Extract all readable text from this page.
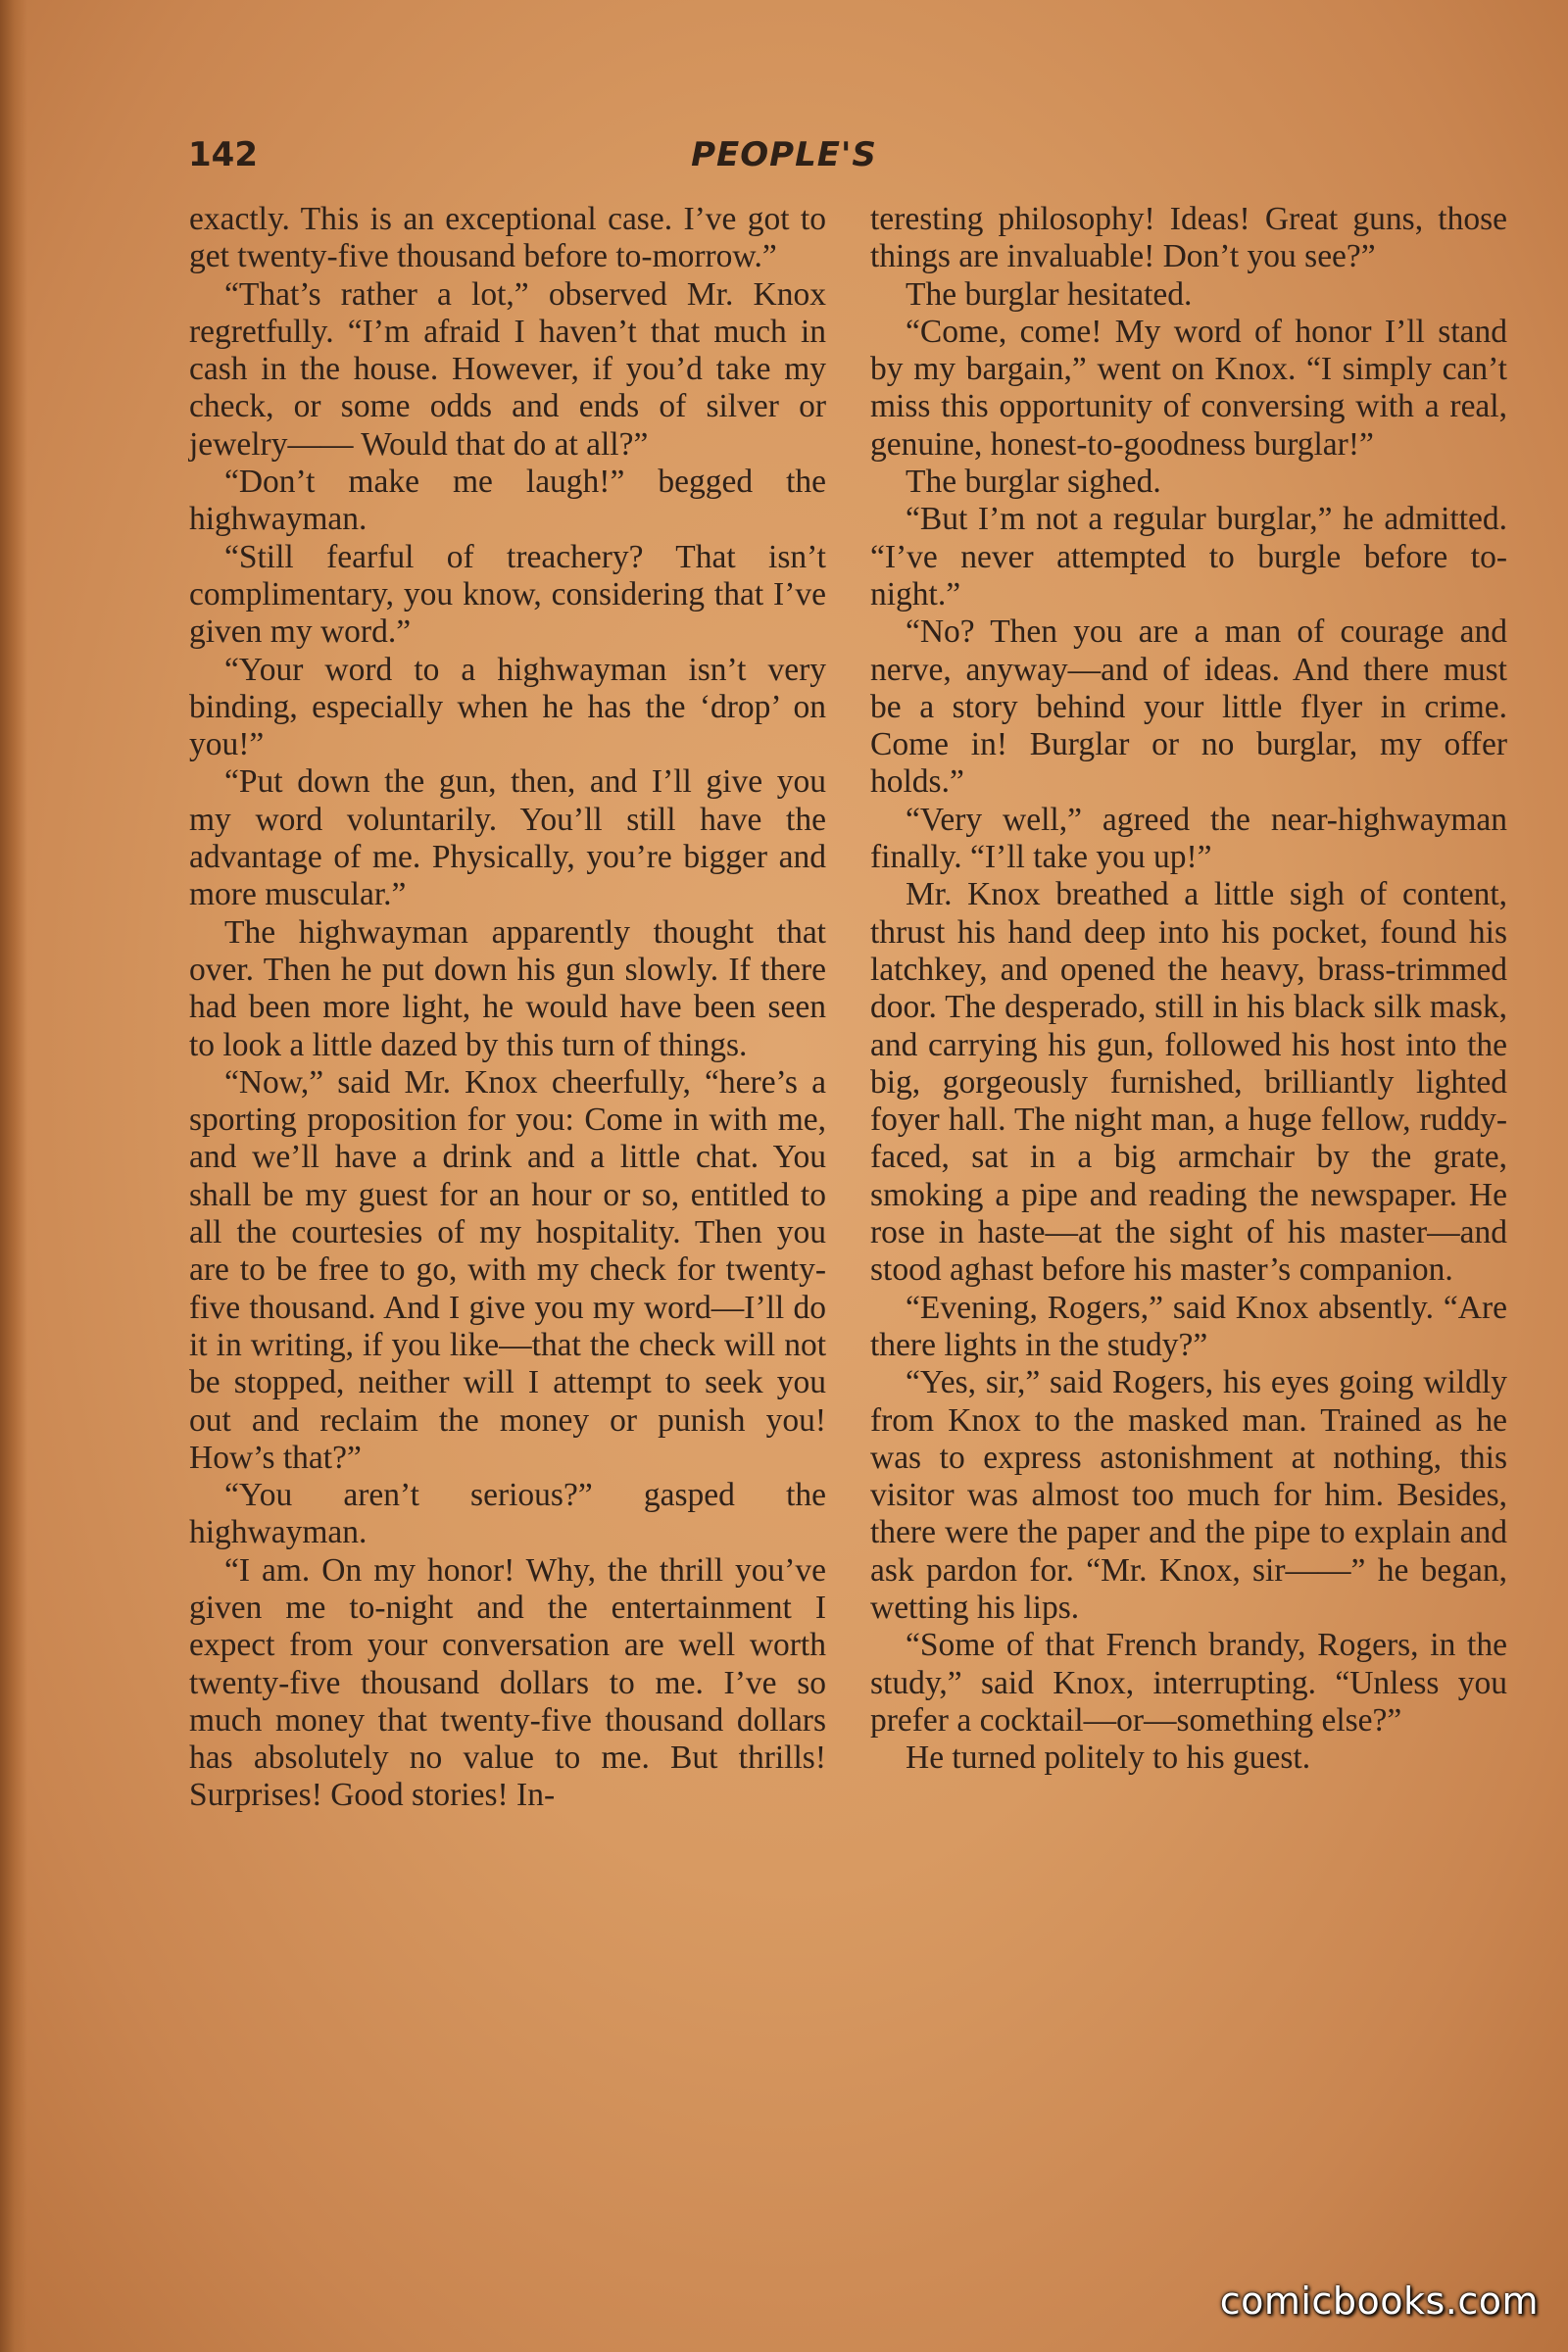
142	PEOPLE'S

exactly. This is an exceptional case. I’ve got to get twenty-five thousand before to-morrow.”

“That’s rather a lot,” observed Mr. Knox regretfully. “I’m afraid I haven’t that much in cash in the house. However, if you’d take my check, or some odds and ends of silver or jewelry—— Would that do at all?”

“Don’t make me laugh!” begged the highwayman.

“Still fearful of treachery? That isn’t complimentary, you know, considering that I’ve given my word.”

“Your word to a highwayman isn’t very binding, especially when he has the ‘drop’ on you!”

“Put down the gun, then, and I’ll give you my word voluntarily. You’ll still have the advantage of me. Physically, you’re bigger and more muscular.”

The highwayman apparently thought that over. Then he put down his gun slowly. If there had been more light, he would have been seen to look a little dazed by this turn of things.

“Now,” said Mr. Knox cheerfully, “here’s a sporting proposition for you: Come in with me, and we’ll have a drink and a little chat. You shall be my guest for an hour or so, entitled to all the courtesies of my hospitality. Then you are to be free to go, with my check for twenty-five thousand. And I give you my word—I’ll do it in writing, if you like—that the check will not be stopped, neither will I attempt to seek you out and reclaim the money or punish you! How’s that?”

“You aren’t serious?” gasped the highwayman.

“I am. On my honor! Why, the thrill you’ve given me to-night and the entertainment I expect from your conversation are well worth twenty-five thousand dollars to me. I’ve so much money that twenty-five thousand dollars has absolutely no value to me. But thrills! Surprises! Good stories! In-

teresting philosophy! Ideas! Great guns, those things are invaluable! Don’t you see?”

The burglar hesitated.

“Come, come! My word of honor I’ll stand by my bargain,” went on Knox. “I simply can’t miss this opportunity of conversing with a real, genuine, honest-to-goodness burglar!”

The burglar sighed.

“But I’m not a regular burglar,” he admitted. “I’ve never attempted to burgle before to-night.”

“No? Then you are a man of courage and nerve, anyway—and of ideas. And there must be a story behind your little flyer in crime. Come in! Burglar or no burglar, my offer holds.”

“Very well,” agreed the near-highwayman finally. “I’ll take you up!”

Mr. Knox breathed a little sigh of content, thrust his hand deep into his pocket, found his latchkey, and opened the heavy, brass-trimmed door. The desperado, still in his black silk mask, and carrying his gun, followed his host into the big, gorgeously furnished, brilliantly lighted foyer hall. The night man, a huge fellow, ruddy-faced, sat in a big armchair by the grate, smoking a pipe and reading the newspaper. He rose in haste—at the sight of his master—and stood aghast before his master’s companion.

“Evening, Rogers,” said Knox absently. “Are there lights in the study?”

“Yes, sir,” said Rogers, his eyes going wildly from Knox to the masked man. Trained as he was to express astonishment at nothing, this visitor was almost too much for him. Besides, there were the paper and the pipe to explain and ask pardon for. “Mr. Knox, sir——” he began, wetting his lips.

“Some of that French brandy, Rogers, in the study,” said Knox, interrupting. “Unless you prefer a cocktail—or—something else?”

He turned politely to his guest.

comicbooks.com
